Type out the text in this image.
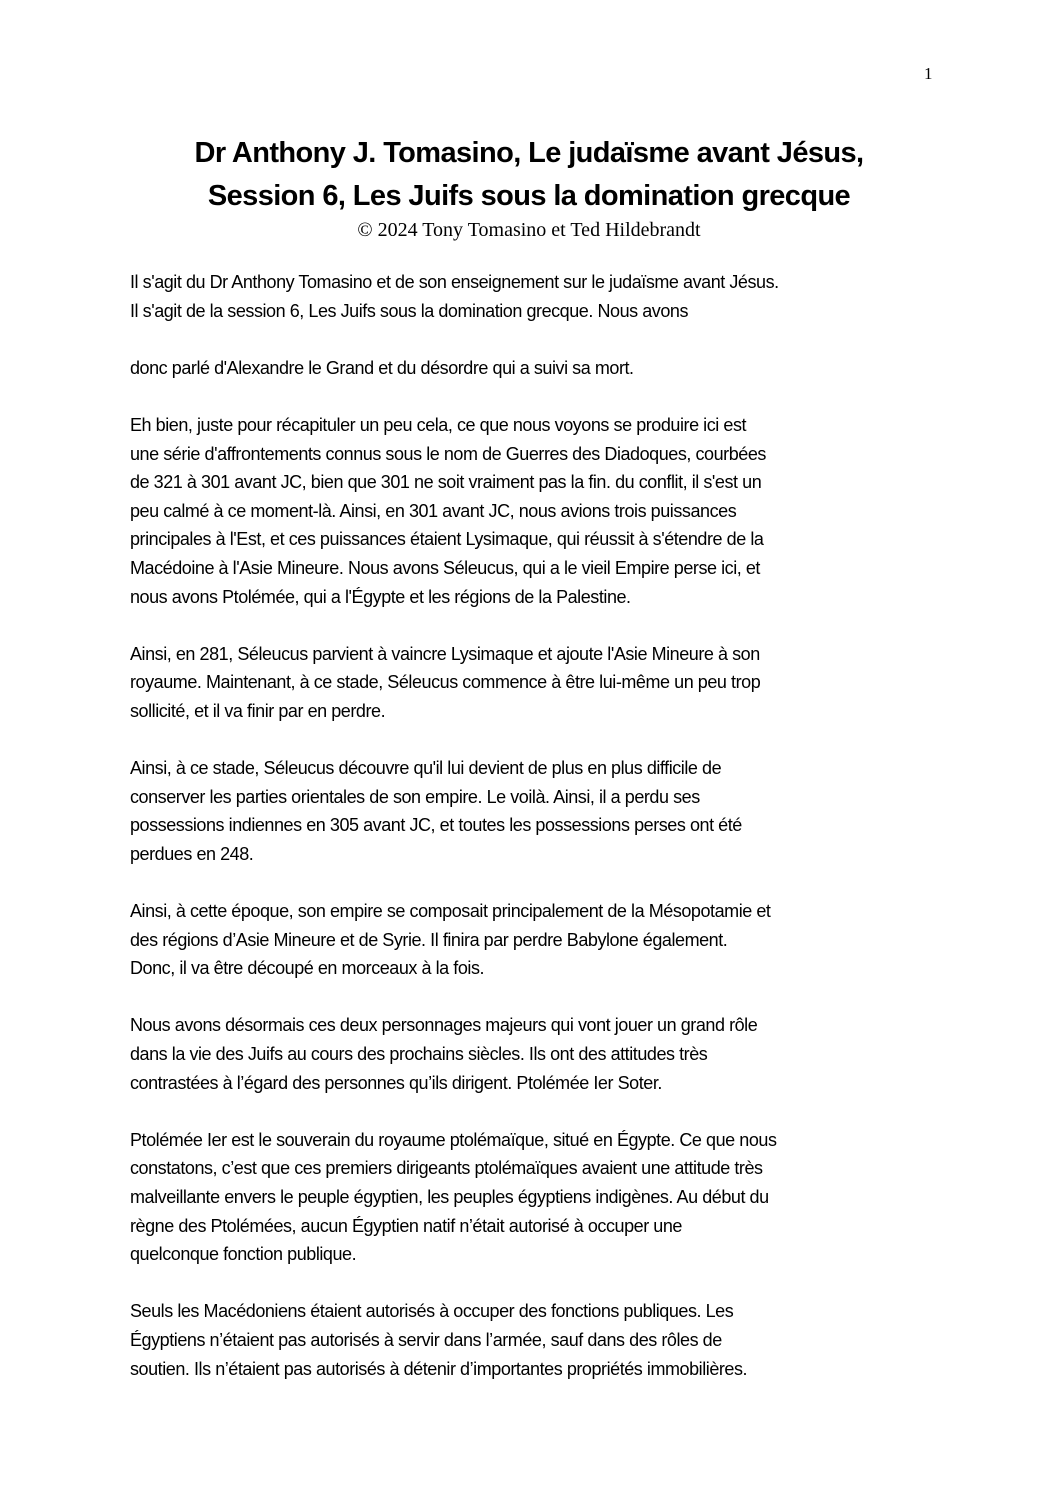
1
Dr Anthony J. Tomasino, Le judaïsme avant Jésus,
Session 6, Les Juifs sous la domination grecque
© 2024 Tony Tomasino et Ted Hildebrandt

Il s'agit du Dr Anthony Tomasino et de son enseignement sur le judaïsme avant Jésus.
Il s'agit de la session 6, Les Juifs sous la domination grecque. Nous avons

donc parlé d'Alexandre le Grand et du désordre qui a suivi sa mort.

Eh bien, juste pour récapituler un peu cela, ce que nous voyons se produire ici est
une série d'affrontements connus sous le nom de Guerres des Diadoques, courbées
de 321 à 301 avant JC, bien que 301 ne soit vraiment pas la fin. du conflit, il s'est un
peu calmé à ce moment-là. Ainsi, en 301 avant JC, nous avions trois puissances
principales à l'Est, et ces puissances étaient Lysimaque, qui réussit à s'étendre de la
Macédoine à l'Asie Mineure. Nous avons Séleucus, qui a le vieil Empire perse ici, et
nous avons Ptolémée, qui a l'Égypte et les régions de la Palestine.

Ainsi, en 281, Séleucus parvient à vaincre Lysimaque et ajoute l'Asie Mineure à son
royaume. Maintenant, à ce stade, Séleucus commence à être lui-même un peu trop
sollicité, et il va finir par en perdre.

Ainsi, à ce stade, Séleucus découvre qu'il lui devient de plus en plus difficile de
conserver les parties orientales de son empire. Le voilà. Ainsi, il a perdu ses
possessions indiennes en 305 avant JC, et toutes les possessions perses ont été
perdues en 248.

Ainsi, à cette époque, son empire se composait principalement de la Mésopotamie et
des régions d’Asie Mineure et de Syrie. Il finira par perdre Babylone également.
Donc, il va être découpé en morceaux à la fois.

Nous avons désormais ces deux personnages majeurs qui vont jouer un grand rôle
dans la vie des Juifs au cours des prochains siècles. Ils ont des attitudes très
contrastées à l’égard des personnes qu’ils dirigent. Ptolémée Ier Soter.

Ptolémée Ier est le souverain du royaume ptolémaïque, situé en Égypte. Ce que nous
constatons, c’est que ces premiers dirigeants ptolémaïques avaient une attitude très
malveillante envers le peuple égyptien, les peuples égyptiens indigènes. Au début du
règne des Ptolémées, aucun Égyptien natif n’était autorisé à occuper une
quelconque fonction publique.

Seuls les Macédoniens étaient autorisés à occuper des fonctions publiques. Les
Égyptiens n’étaient pas autorisés à servir dans l’armée, sauf dans des rôles de
soutien. Ils n’étaient pas autorisés à détenir d’importantes propriétés immobilières.
